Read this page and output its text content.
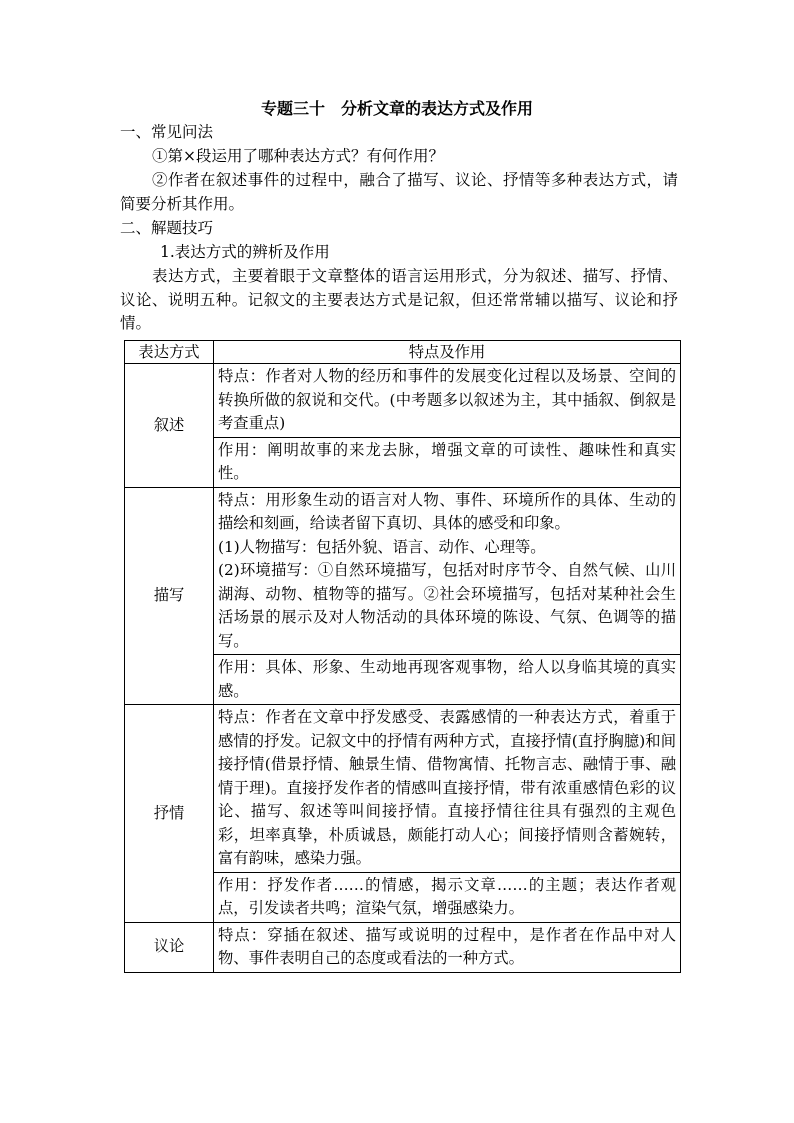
专题三十　分析文章的表达方式及作用
一、常见问法
①第×段运用了哪种表达方式？有何作用？
②作者在叙述事件的过程中，融合了描写、议论、抒情等多种表达方式，请简要分析其作用。
二、解题技巧
1.表达方式的辨析及作用
表达方式，主要着眼于文章整体的语言运用形式，分为叙述、描写、抒情、议论、说明五种。记叙文的主要表达方式是记叙，但还常常辅以描写、议论和抒情。
表达方式	特点及作用
叙述	特点：作者对人物的经历和事件的发展变化过程以及场景、空间的转换所做的叙说和交代。(中考题多以叙述为主，其中插叙、倒叙是考查重点)
	作用：阐明故事的来龙去脉，增强文章的可读性、趣味性和真实性。
描写	特点：用形象生动的语言对人物、事件、环境所作的具体、生动的描绘和刻画，给读者留下真切、具体的感受和印象。
(1)人物描写：包括外貌、语言、动作、心理等。
(2)环境描写：①自然环境描写，包括对时序节令、自然气候、山川湖海、动物、植物等的描写。②社会环境描写，包括对某种社会生活场景的展示及对人物活动的具体环境的陈设、气氛、色调等的描写。

	作用：具体、形象、生动地再现客观事物，给人以身临其境的真实感。
抒情	特点：作者在文章中抒发感受、表露感情的一种表达方式，着重于感情的抒发。记叙文中的抒情有两种方式，直接抒情(直抒胸臆)和间接抒情(借景抒情、触景生情、借物寓情、托物言志、融情于事、融情于理)。直接抒发作者的情感叫直接抒情，带有浓重感情色彩的议论、描写、叙述等叫间接抒情。直接抒情往往具有强烈的主观色彩，坦率真挚，朴质诚恳，颇能打动人心；间接抒情则含蓄婉转，富有韵味，感染力强。
	作用：抒发作者……的情感，揭示文章……的主题；表达作者观点，引发读者共鸣；渲染气氛，增强感染力。
议论	特点：穿插在叙述、描写或说明的过程中，是作者在作品中对人物、事件表明自己的态度或看法的一种方式。
